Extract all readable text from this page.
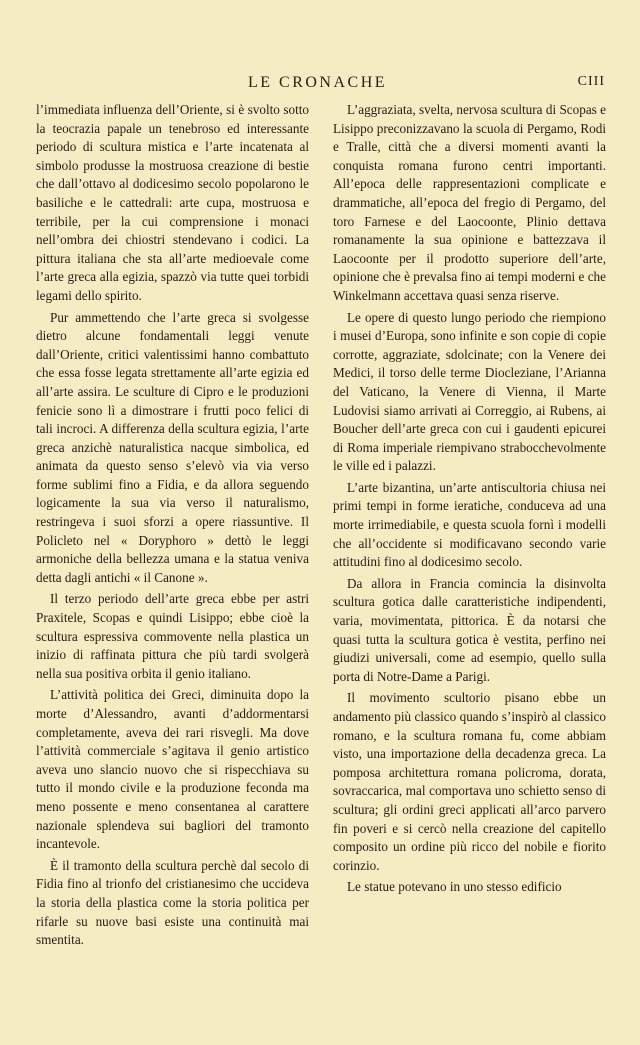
LE CRONACHE	CIII

l’immediata influenza dell’Oriente, si è svolto sotto la teocrazia papale un tenebroso ed interessante periodo di scultura mistica e l’arte incatenata al simbolo produsse la mostruosa creazione di bestie che dall’ottavo al dodicesimo secolo popolarono le basiliche e le cattedrali: arte cupa, mostruosa e terribile, per la cui comprensione i monaci nell’ombra dei chiostri stendevano i codici. La pittura italiana che sta all’arte medioevale come l’arte greca alla egizia, spazzò via tutte quei torbidi legami dello spirito.

Pur ammettendo che l’arte greca si svolgesse dietro alcune fondamentali leggi venute dall’Oriente, critici valentissimi hanno combattuto che essa fosse legata strettamente all’arte egizia ed all’arte assira. Le sculture di Cipro e le produzioni fenicie sono lì a dimostrare i frutti poco felici di tali incroci. A differenza della scultura egizia, l’arte greca anzichè naturalistica nacque simbolica, ed animata da questo senso s’elevò via via verso forme sublimi fino a Fidia, e da allora seguendo logicamente la sua via verso il naturalismo, restringeva i suoi sforzi a opere riassuntive. Il Policleto nel « Doryphoro » dettò le leggi armoniche della bellezza umana e la statua veniva detta dagli antichi « il Canone ».

Il terzo periodo dell’arte greca ebbe per astri Praxitele, Scopas e quindi Lisippo; ebbe cioè la scultura espressiva commovente nella plastica un inizio di raffinata pittura che più tardi svolgerà nella sua positiva orbita il genio italiano.

L’attività politica dei Greci, diminuita dopo la morte d’Alessandro, avanti d’addormentarsi completamente, aveva dei rari risvegli. Ma dove l’attività commerciale s’agitava il genio artistico aveva uno slancio nuovo che si rispecchiava su tutto il mondo civile e la produzione feconda ma meno possente e meno consentanea al carattere nazionale splendeva sui bagliori del tramonto incantevole.

È il tramonto della scultura perchè dal secolo di Fidia fino al trionfo del cristianesimo che uccideva la storia della plastica come la storia politica per rifarle su nuove basi esiste una continuità mai smentita.

L’aggraziata, svelta, nervosa scultura di Scopas e Lisippo preconizzavano la scuola di Pergamo, Rodi e Tralle, città che a diversi momenti avanti la conquista romana furono centri importanti. All’epoca delle rappresentazioni complicate e drammatiche, all’epoca del fregio di Pergamo, del toro Farnese e del Laocoonte, Plinio dettava romanamente la sua opinione e battezzava il Laocoonte per il prodotto superiore dell’arte, opinione che è prevalsa fino ai tempi moderni e che Winkelmann accettava quasi senza riserve.

Le opere di questo lungo periodo che riempiono i musei d’Europa, sono infinite e son copie di copie corrotte, aggraziate, sdolcinate; con la Venere dei Medici, il torso delle terme Diocleziane, l’Arianna del Vaticano, la Venere di Vienna, il Marte Ludovisi siamo arrivati ai Correggio, ai Rubens, ai Boucher dell’arte greca con cui i gaudenti epicurei di Roma imperiale riempivano strabocchevolmente le ville ed i palazzi.

L’arte bizantina, un’arte antiscultoria chiusa nei primi tempi in forme ieratiche, conduceva ad una morte irrimediabile, e questa scuola fornì i modelli che all’occidente si modificavano secondo varie attitudini fino al dodicesimo secolo.

Da allora in Francia comincia la disinvolta scultura gotica dalle caratteristiche indipendenti, varia, movimentata, pittorica. È da notarsi che quasi tutta la scultura gotica è vestita, perfino nei giudizi universali, come ad esempio, quello sulla porta di Notre-Dame a Parigi.

Il movimento scultorio pisano ebbe un andamento più classico quando s’inspirò al classico romano, e la scultura romana fu, come abbiam visto, una importazione della decadenza greca. La pomposa architettura romana policroma, dorata, sovraccarica, mal comportava uno schietto senso di scultura; gli ordini greci applicati all’arco parvero fin poveri e si cercò nella creazione del capitello composito un ordine più ricco del nobile e fiorito corinzio.

Le statue potevano in uno stesso edificio
